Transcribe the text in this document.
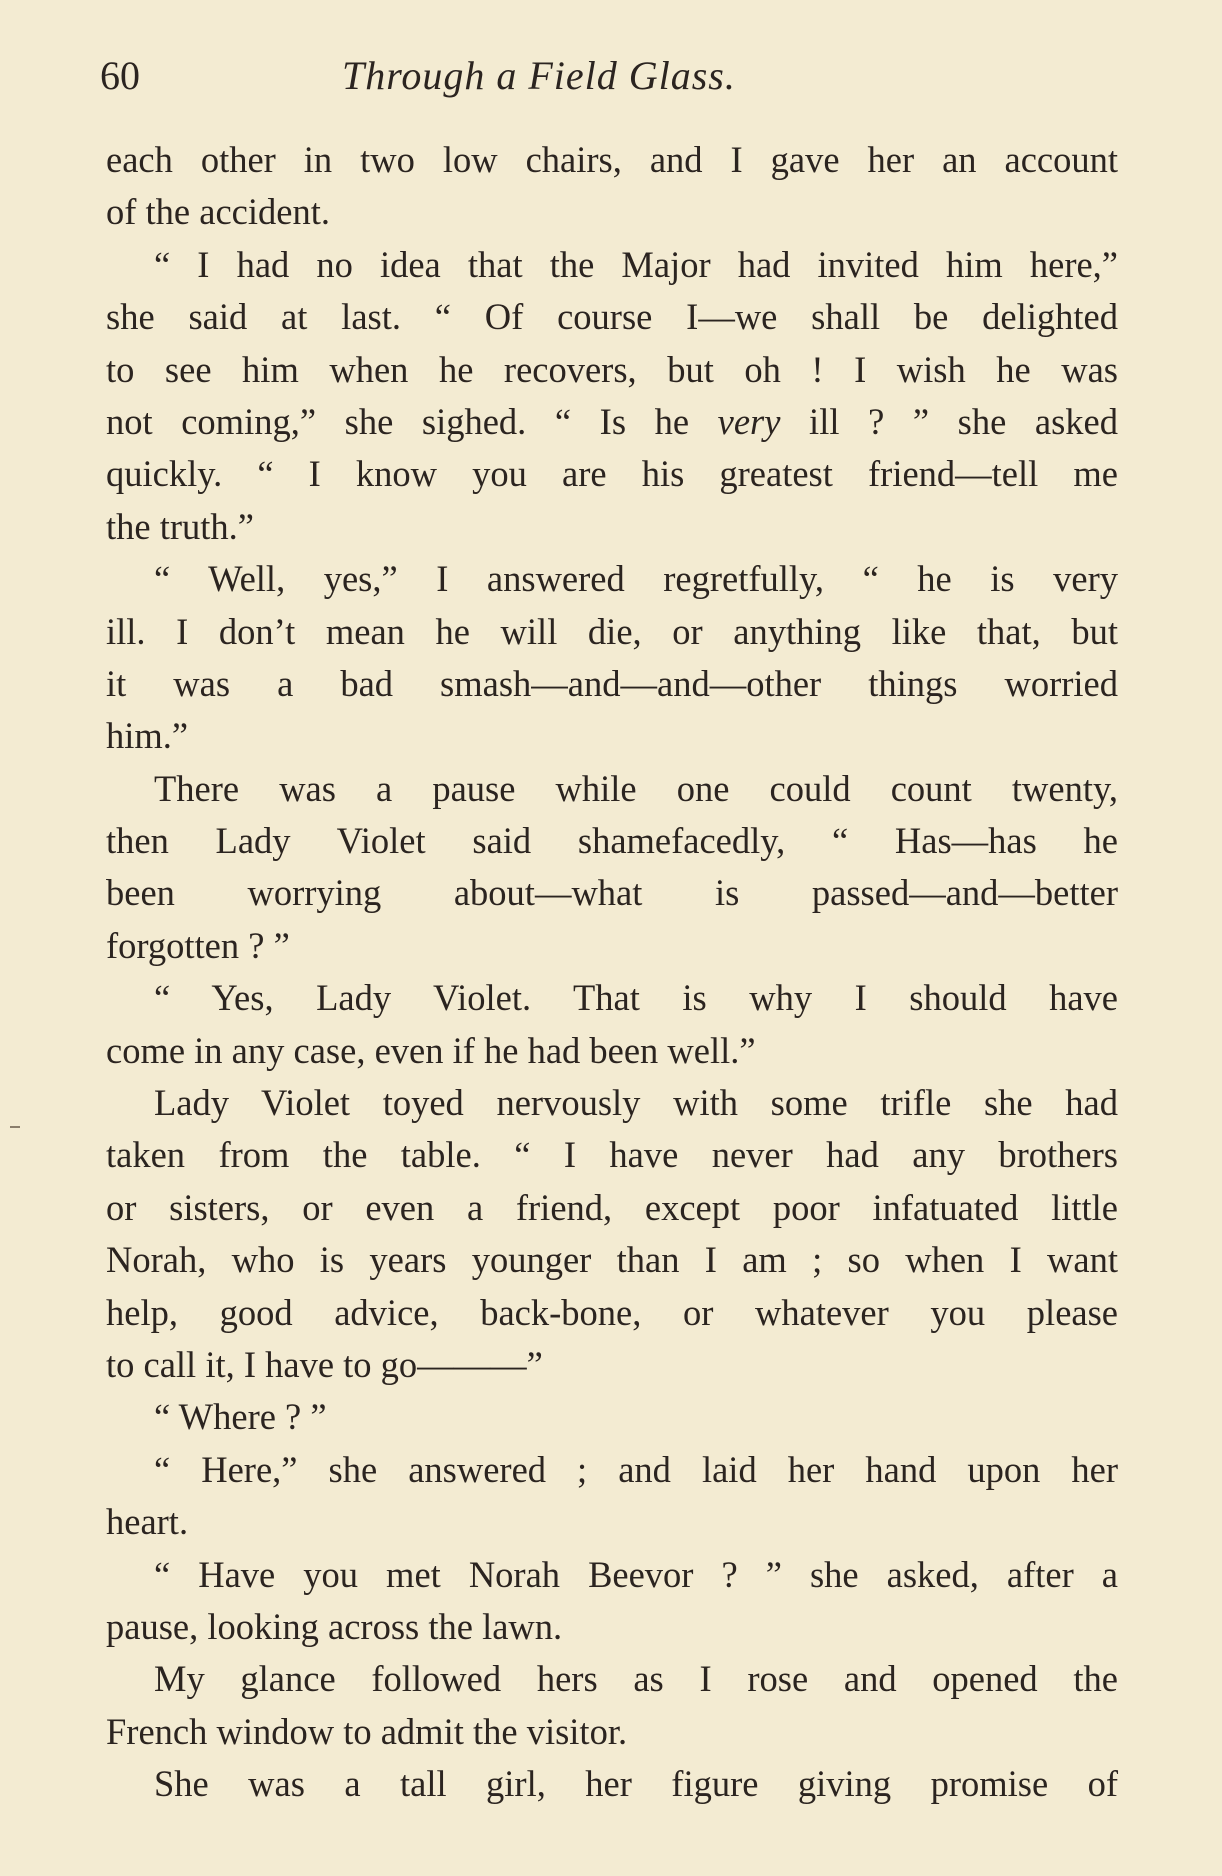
60	Through a Field Glass.
each other in two low chairs, and I gave her an account
of the accident.
“ I had no idea that the Major had invited him here,”
she said at last. “ Of course I—we shall be delighted
to see him when he recovers, but oh ! I wish he was
not coming,” she sighed. “ Is he very ill ? ” she asked
quickly. “ I know you are his greatest friend—tell me
the truth.”
“ Well, yes,” I answered regretfully, “ he is very
ill. I don’t mean he will die, or anything like that, but
it was a bad smash—and—and—other things worried
him.”
There was a pause while one could count twenty,
then Lady Violet said shamefacedly, “ Has—has he
been worrying about—what is passed—and—better
forgotten ? ”
“ Yes, Lady Violet. That is why I should have
come in any case, even if he had been well.”
Lady Violet toyed nervously with some trifle she had
taken from the table. “ I have never had any brothers
or sisters, or even a friend, except poor infatuated little
Norah, who is years younger than I am ; so when I want
help, good advice, back-bone, or whatever you please
to call it, I have to go———”
“ Where ? ”
“ Here,” she answered ; and laid her hand upon her
heart.
“ Have you met Norah Beevor ? ” she asked, after a
pause, looking across the lawn.
My glance followed hers as I rose and opened the
French window to admit the visitor.
She was a tall girl, her figure giving promise of
